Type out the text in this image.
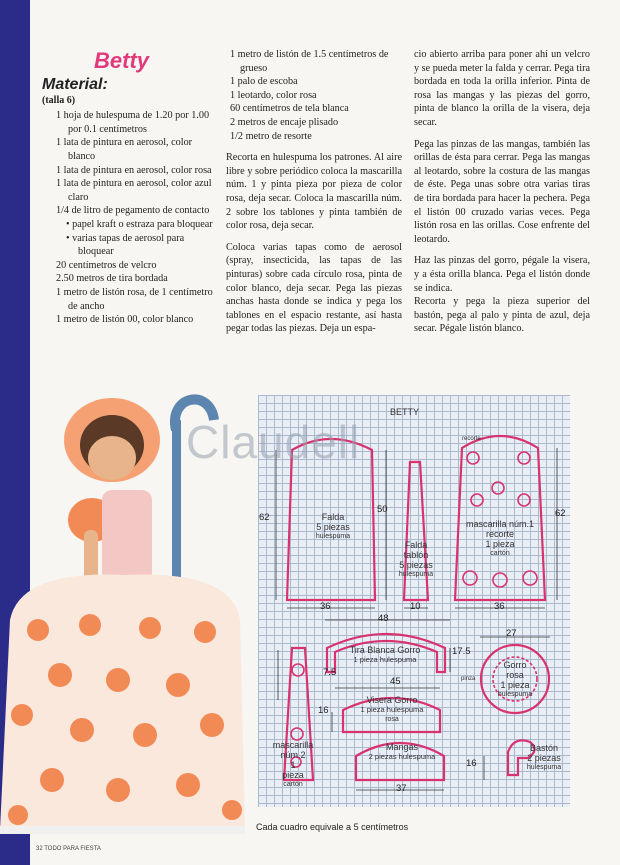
Betty
Material:
(talla 6)
1 hoja de hulespuma de 1.20 por 1.00 por 0.1 centímetros
1 lata de pintura en aerosol, color blanco
1 lata de pintura en aerosol, color rosa
1 lata de pintura en aerosol, color azul claro
1/4 de litro de pegamento de contacto
• papel kraft o estraza para bloquear
• varias tapas de aerosol para bloquear
20 centímetros de velcro
2.50 metros de tira bordada
1 metro de listón rosa, de 1 centímetro de ancho
1 metro de listón 00, color blanco
1 metro de listón de 1.5 centímetros de grueso
1 palo de escoba
1 leotardo, color rosa
60 centímetros de tela blanca
2 metros de encaje plisado
1/2 metro de resorte

Recorta en hulespuma los patrones. Al aire libre y sobre periódico coloca la mascarilla núm. 1 y pinta pieza por pieza de color rosa, deja secar. Coloca la mascarilla núm. 2 sobre los tablones y pinta también de color rosa, deja secar.

Coloca varias tapas como de aerosol (spray, insecticida, las tapas de las pinturas) sobre cada círculo rosa, pinta de color blanco, deja secar. Pega las piezas anchas hasta donde se indica y pega los tablones en el espacio restante, así hasta pegar todas las piezas. Deja un espa-

cio abierto arriba para poner ahí un velcro y se pueda meter la falda y cerrar. Pega tira bordada en toda la orilla inferior. Pinta de rosa las mangas y las piezas del gorro, pinta de blanco la orilla de la visera, deja secar.

Pega las pinzas de las mangas, también las orillas de ésta para cerrar. Pega las mangas al leotardo, sobre la costura de las mangas de éste. Pega unas sobre otra varias tiras de tira bordada para hacer la pechera. Pega el listón 00 cruzado varias veces. Pega listón rosa en las orillas. Cose enfrente del leotardo.

Haz las pinzas del gorro, pégale la visera, y a ésta orilla blanca. Pega el listón donde se indica.

Recorta y pega la pieza superior del bastón, pega al palo y pinta de azul, deja secar. Pégale listón blanco.

Claudell
BETTY
Falda
5 piezas
hulespuma
Falda
tablón
5 piezas
hulespuma
mascarilla núm.1
recorte
1 pieza
cartón
recorte
Tira Blanca Gorro
1 pieza hulespuma
Visera Gorro
1 pieza hulespuma
rosa
Gorro
rosa
1 pieza
hulespuma
pinza
mascarilla núm.2
1
pieza
cartón
Mangas
2 piezas hulespuma
Bastón
2 piezas
hulespuma
62
50	62
36	10	36
48
27
17.5
45
7.5
16
16
37
Cada cuadro equivale a 5 centímetros
32 TODO PARA FIESTA
